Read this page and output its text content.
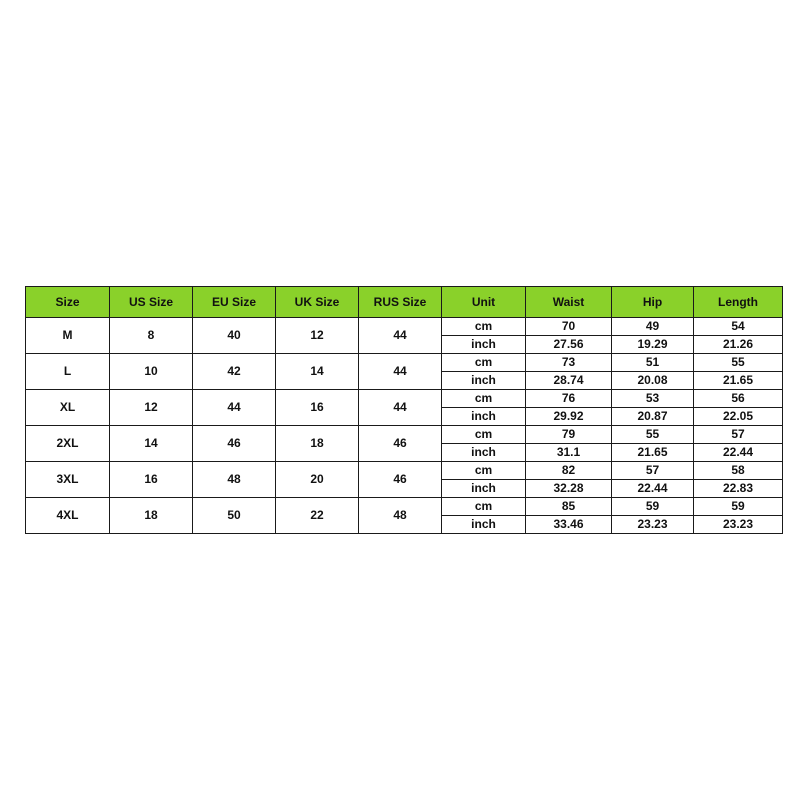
Size	US Size	EU Size	UK Size	RUS Size	Unit	Waist	Hip	Length
M	8	40	12	44	cm	70	49	54
					inch	27.56	19.29	21.26
L	10	42	14	44	cm	73	51	55
					inch	28.74	20.08	21.65
XL	12	44	16	44	cm	76	53	56
					inch	29.92	20.87	22.05
2XL	14	46	18	46	cm	79	55	57
					inch	31.1	21.65	22.44
3XL	16	48	20	46	cm	82	57	58
					inch	32.28	22.44	22.83
4XL	18	50	22	48	cm	85	59	59
					inch	33.46	23.23	23.23
